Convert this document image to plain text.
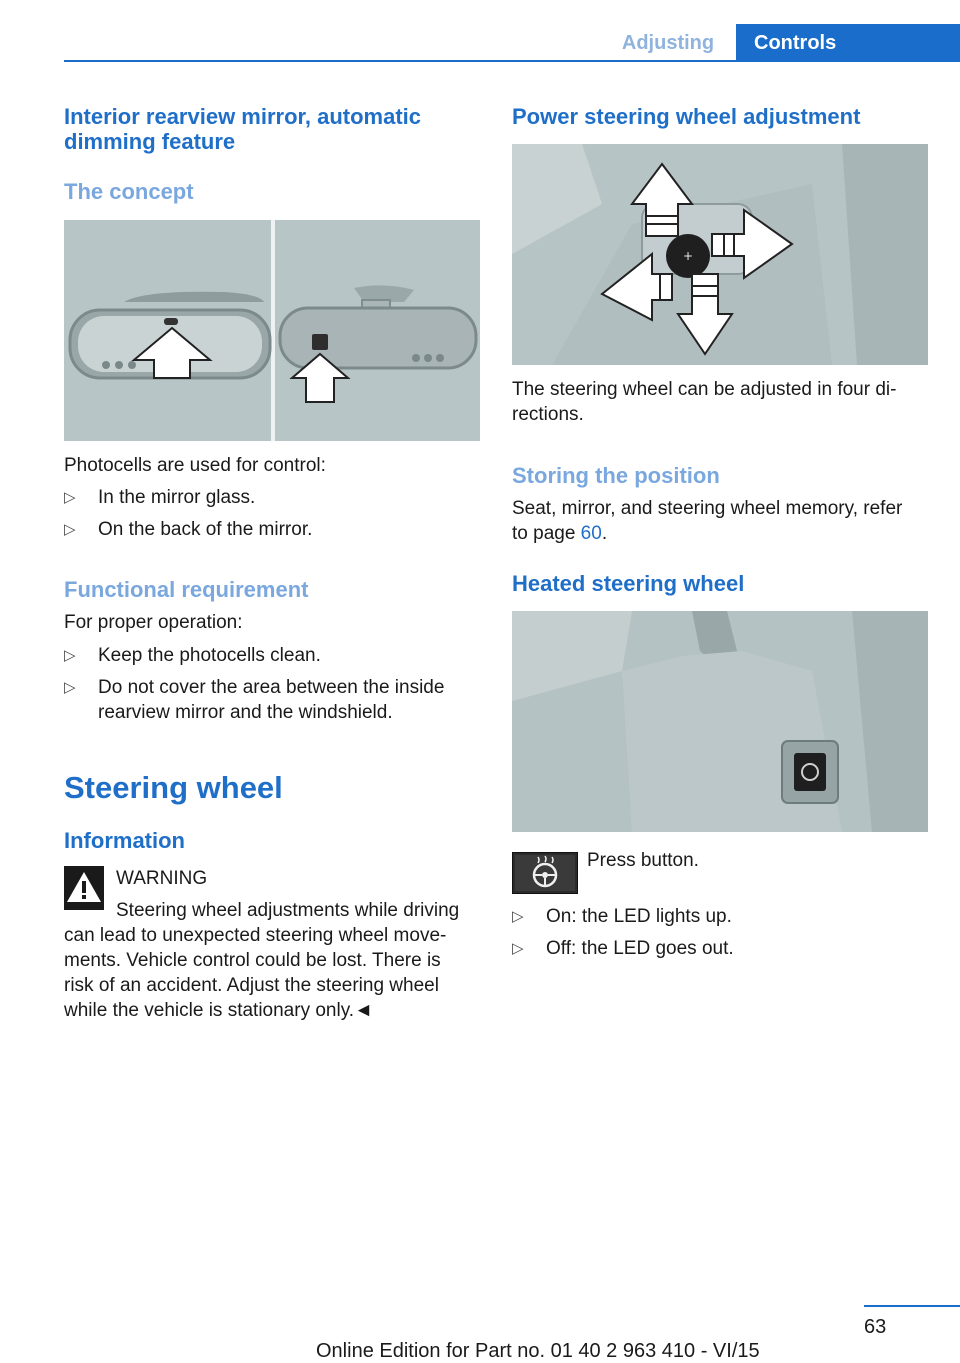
Adjusting	Controls
Interior rearview mirror, automatic
dimming feature
The concept
Photocells are used for control:
▷ In the mirror glass.
▷ On the back of the mirror.
Functional requirement
For proper operation:
▷ Keep the photocells clean.
▷ Do not cover the area between the inside
rearview mirror and the windshield.
Steering wheel
Information
WARNING
Steering wheel adjustments while driving
can lead to unexpected steering wheel move-
ments. Vehicle control could be lost. There is
risk of an accident. Adjust the steering wheel
while the vehicle is stationary only.◄
Power steering wheel adjustment
+
The steering wheel can be adjusted in four di-
rections.
Storing the position
Seat, mirror, and steering wheel memory, refer
to page 60.
Heated steering wheel
Press button.
▷ On: the LED lights up.
▷ Off: the LED goes out.
63
Online Edition for Part no. 01 40 2 963 410 - VI/15
